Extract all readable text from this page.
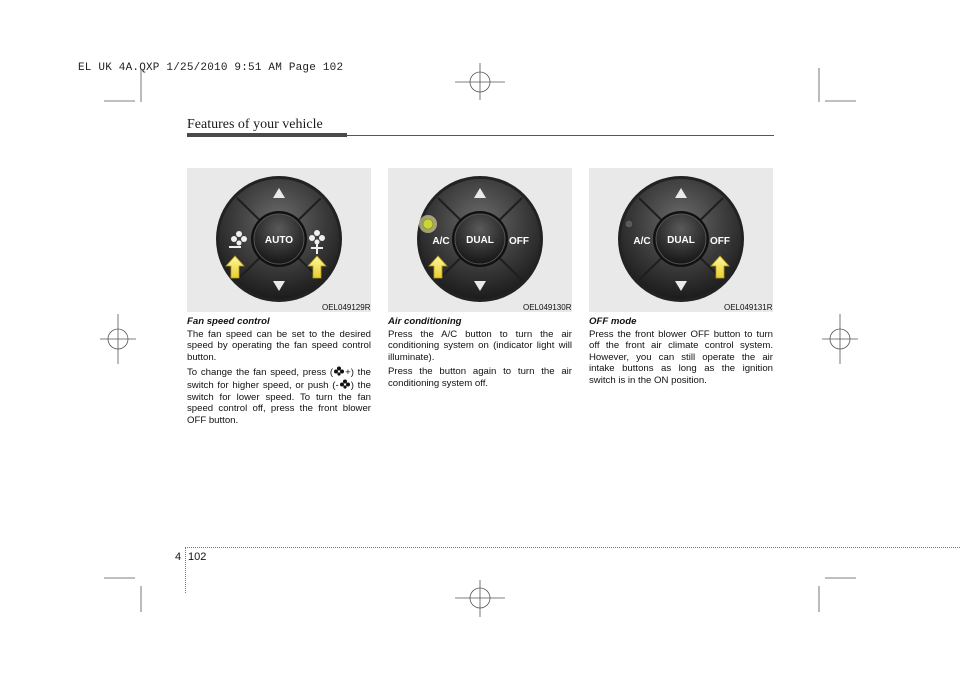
EL UK 4A.QXP 1/25/2010 9:51 AM Page 102
Features of your vehicle
AUTO
OEL049129R
DUAL
A/C	OFF
OEL049130R
DUAL
A/C	OFF
OEL049131R

Fan speed control

The fan speed can be set to the desired speed by operating the fan speed control button.

To change the fan speed, press ( +) the switch for higher speed, or push (- ) the switch for lower speed. To turn the fan speed control off, press the front blower OFF button.

Air conditioning

Press the A/C button to turn the air conditioning system on (indicator light will illuminate).

Press the button again to turn the air conditioning system off.

OFF mode

Press the front blower OFF button to turn off the front air climate control system. However, you can still operate the air intake buttons as long as the ignition switch is in the ON position.

4 102
